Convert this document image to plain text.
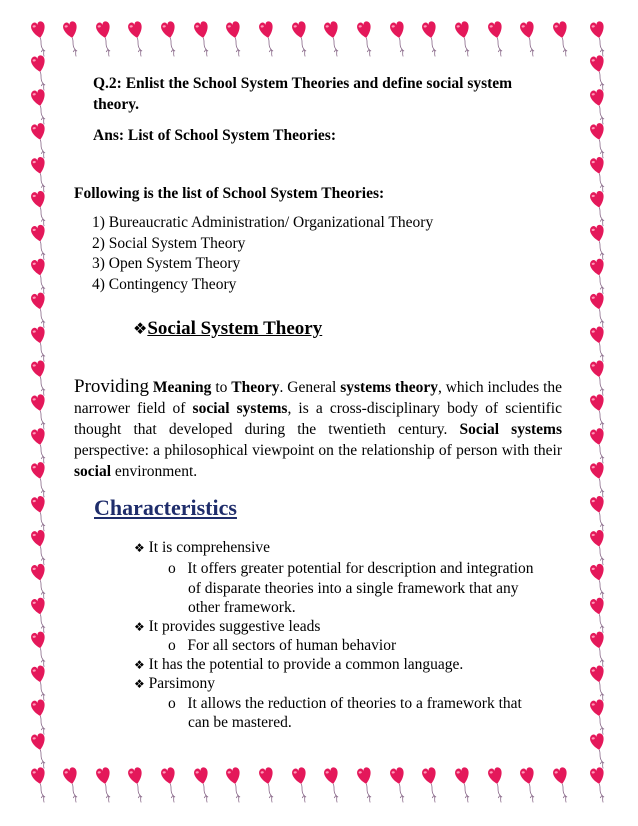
Q.2: Enlist the School System Theories and define social system
theory.
Ans: List of School System Theories:
Following is the list of School System Theories:
1) Bureaucratic Administration/ Organizational Theory
2) Social System Theory
3) Open System Theory
4) Contingency Theory
❖Social System Theory
Providing Meaning to Theory. General systems theory, which includes the narrower field of social systems, is a cross-disciplinary body of scientific thought that developed during the twentieth century. Social systems perspective: a philosophical viewpoint on the relationship of person with their social environment.
Characteristics
❖ It is comprehensive
o It offers greater potential for description and integration
of disparate theories into a single framework that any
other framework.
❖ It provides suggestive leads
o For all sectors of human behavior
❖ It has the potential to provide a common language.
❖ Parsimony
o It allows the reduction of theories to a framework that
can be mastered.
